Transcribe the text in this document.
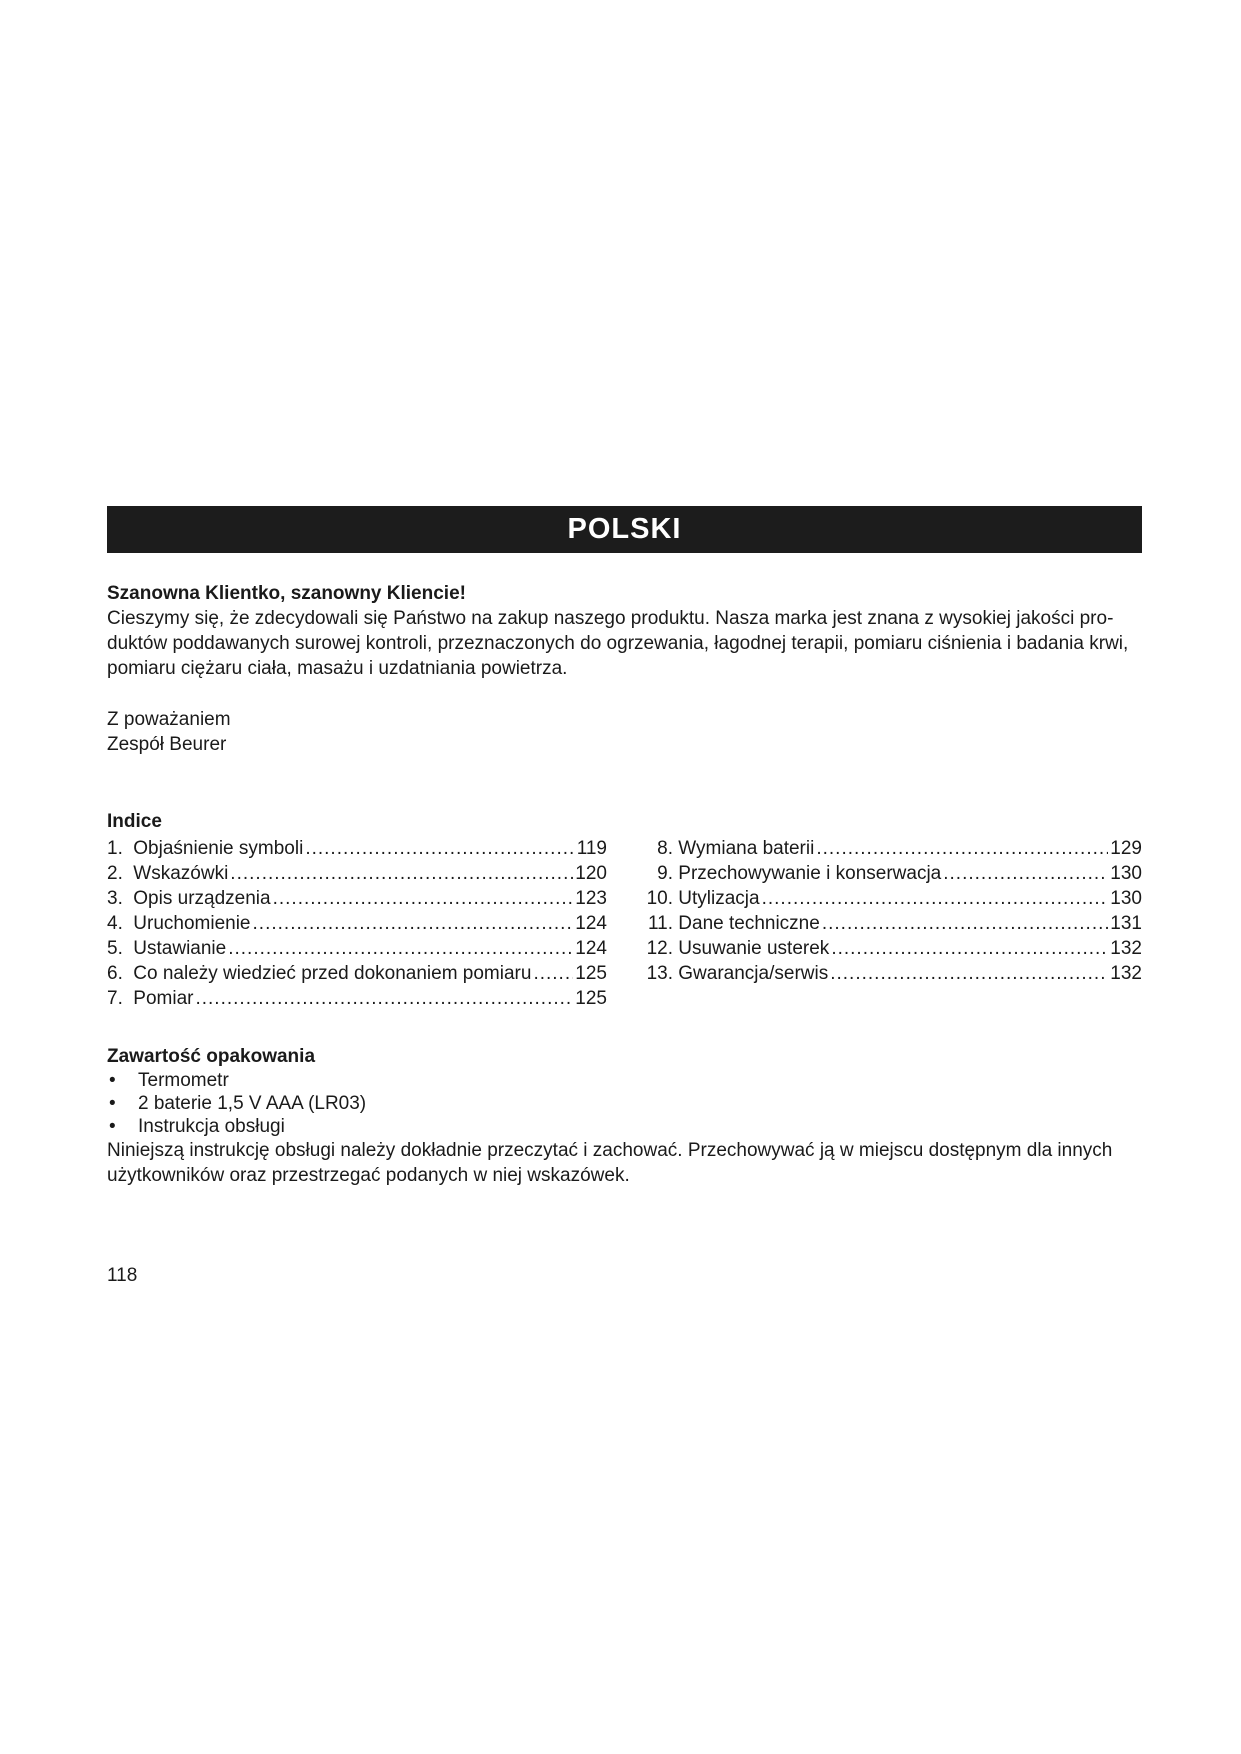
POLSKI
Szanowna Klientko, szanowny Kliencie!
Cieszymy się, że zdecydowali się Państwo na zakup naszego produktu. Nasza marka jest znana z wysokiej jakości pro-
duktów poddawanych surowej kontroli, przeznaczonych do ogrzewania, łagodnej terapii, pomiaru ciśnienia i badania krwi,
pomiaru ciężaru ciała, masażu i uzdatniania powietrza.
Z poważaniem
Zespół Beurer
Indice
1.
Objaśnienie symboli .....	119
2.
Wskazówki .....	120
3.
Opis urządzenia .....	123
4.
Uruchomienie .....	124
5.
Ustawianie .....	124
6.
Co należy wiedzieć przed dokonaniem pomiaru ..... 125
7.
Pomiar .....	125
8.
Wymiana baterii .....	129
9.
Przechowywanie i konserwacja .....	130
10.
Utylizacja .....	130
11.
Dane techniczne .....	131
12.
Usuwanie usterek .....	132
13.
Gwarancja/serwis .....	132
Zawartość opakowania
• Termometr
• 2 baterie 1,5 V AAA (LR03)
• Instrukcja obsługi
Niniejszą instrukcję obsługi należy dokładnie przeczytać i zachować. Przechowywać ją w miejscu dostępnym dla innych
użytkowników oraz przestrzegać podanych w niej wskazówek.
118
